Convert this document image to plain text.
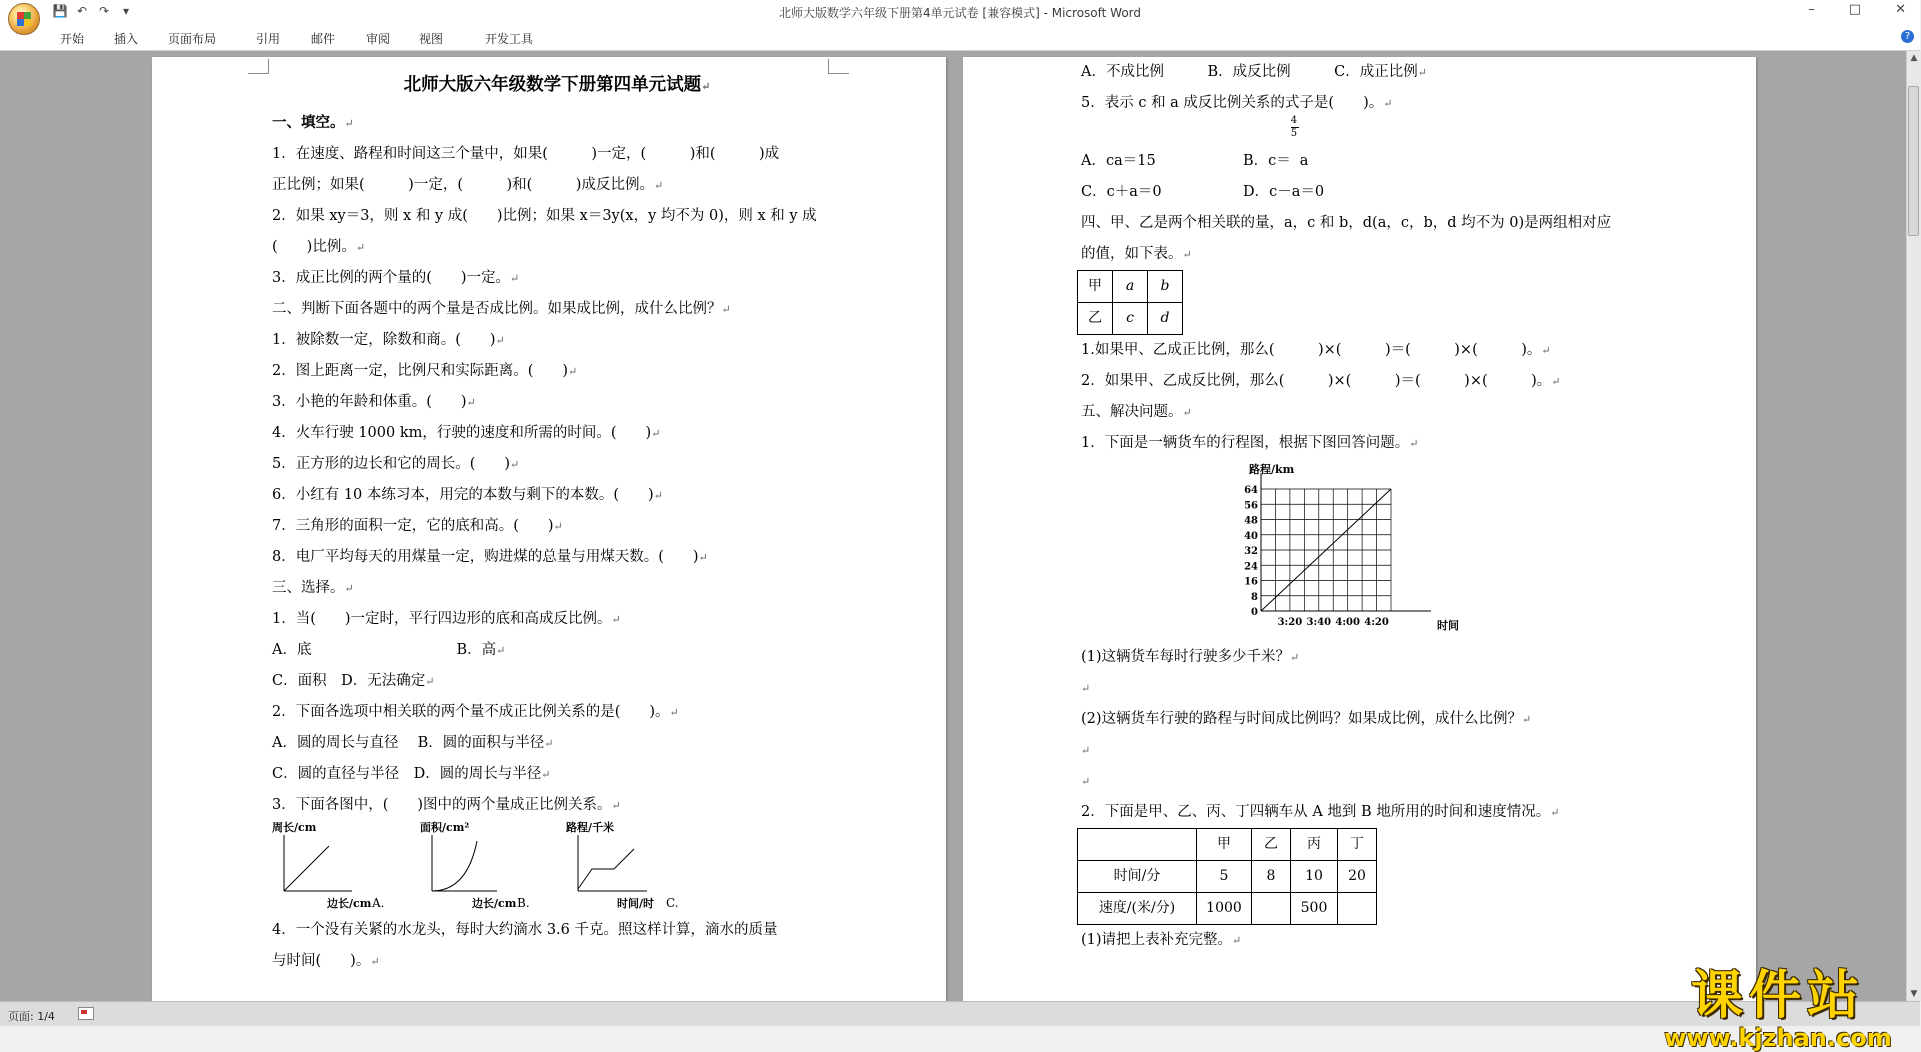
北师大版数学六年级下册第4单元试卷 [兼容模式] - Microsoft Word
💾 ↶ ↷	▾	–	□	✕
开始	插入	页面布局	引用	邮件	审阅	视图	开发工具	?

北师大版六年级数学下册第四单元试题↵

一、填空。↵

1．在速度、路程和时间这三个量中，如果(　　　)一定，(　　　)和(　　　)成

正比例；如果(　　　)一定，(　　　)和(　　　)成反比例。↵

2．如果 xy＝3，则 x 和 y 成(　　)比例；如果 x＝3y(x，y 均不为 0)，则 x 和 y 成

(　　)比例。↵

3．成正比例的两个量的(　　)一定。↵

二、判断下面各题中的两个量是否成比例。如果成比例，成什么比例？↵

1．被除数一定，除数和商。(　　)↵

2．图上距离一定，比例尺和实际距离。(　　)↵

3．小艳的年龄和体重。(　　)↵

4．火车行驶 1000 km，行驶的速度和所需的时间。(　　)↵

5．正方形的边长和它的周长。(　　)↵

6．小红有 10 本练习本，用完的本数与剩下的本数。(　　)↵

7．三角形的面积一定，它的底和高。(　　)↵

8．电厂平均每天的用煤量一定，购进煤的总量与用煤天数。(　　)↵

三、选择。↵

1．当(　　)一定时，平行四边形的底和高成反比例。↵

A．底　　　　　　　　　　B．高↵

C．面积　D．无法确定↵

2．下面各选项中相关联的两个量不成正比例关系的是(　　)。↵

A．圆的周长与直径　 B．圆的面积与半径↵

C．圆的直径与半径　D．圆的周长与半径↵

3．下面各图中，(　　)图中的两个量成正比例关系。↵

周长/cm
边长/cm A.
面积/cm²
边长/cm B.
路程/千米
时间/时 C.

4．一个没有关紧的水龙头，每时大约滴水 3.6 千克。照这样计算，滴水的质量

与时间(　　)。↵

A．不成比例　　　B．成反比例　　　C．成正比例↵

5．表示 c 和 a 成反比例关系的式子是(　　)。↵

A．ca＝15	B．$c= \frac{4}{5}$ a
C．c＋a＝0	D．c－a＝0

四、甲、乙是两个相关联的量，a，c 和 b，d(a，c，b，d 均不为 0)是两组相对应

的值，如下表。↵

甲	a	b
乙	c	d

1.如果甲、乙成正比例，那么(　　　)×(　　　)＝(　　　)×(　　　)。↵

2．如果甲、乙成反比例，那么(　　　)×(　　　)＝(　　　)×(　　　)。↵

五、解决问题。↵

1．下面是一辆货车的行程图，根据下图回答问题。↵

路程/km
0
8
16
24
32
40
48
56
64
3:20 3:40 4:00 4:20	时间

(1)这辆货车每时行驶多少千米？↵

↵

(2)这辆货车行驶的路程与时间成比例吗？如果成比例，成什么比例？↵

↵

↵

2．下面是甲、乙、丙、丁四辆车从 A 地到 B 地所用的时间和速度情况。↵

	甲	乙	丙	丁
时间/分	5	8	10	20
速度/(米/分)	1000		500	

(1)请把上表补充完整。↵

课件站
www.kjzhan.com
▲
▼
页面: 1/4
